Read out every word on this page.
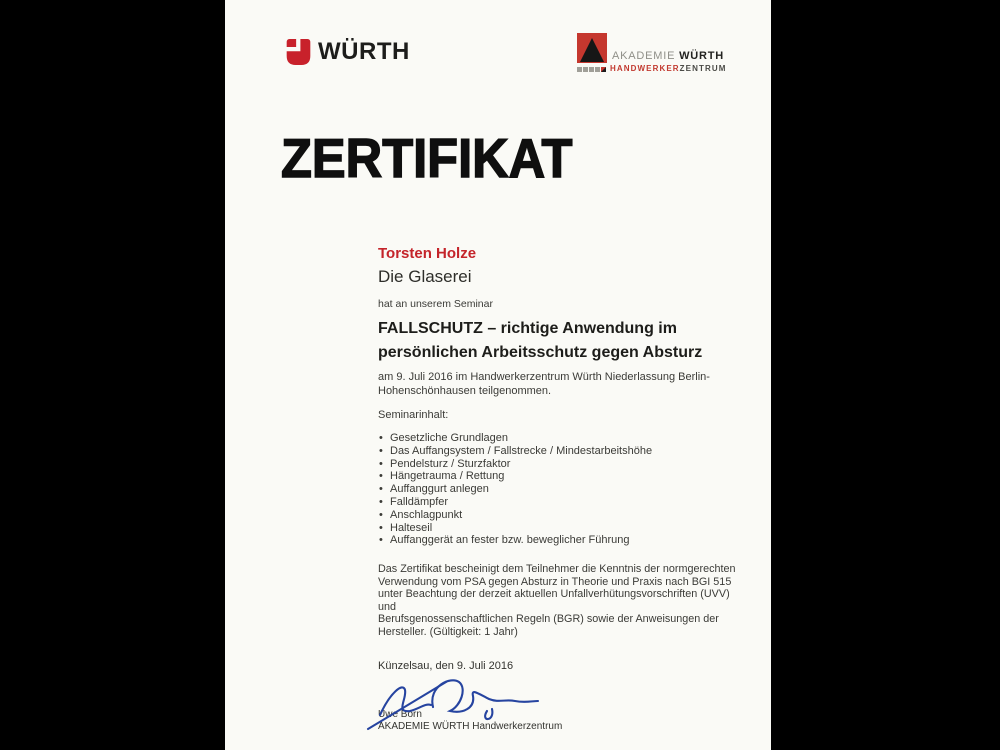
WÜRTH	AKADEMIE WÜRTH
HANDWERKERZENTRUM
ZERTIFIKAT
Torsten Holze
Die Glaserei
hat an unserem Seminar
FALLSCHUTZ – richtige Anwendung im
persönlichen Arbeitsschutz gegen Absturz
am 9. Juli 2016 im Handwerkerzentrum Würth Niederlassung Berlin-
Hohenschönhausen teilgenommen.
Seminarinhalt:
• Gesetzliche Grundlagen
• Das Auffangsystem / Fallstrecke / Mindestarbeitshöhe
• Pendelsturz / Sturzfaktor
• Hängetrauma / Rettung
• Auffanggurt anlegen
• Falldämpfer
• Anschlagpunkt
• Halteseil
• Auffanggerät an fester bzw. beweglicher Führung
Das Zertifikat bescheinigt dem Teilnehmer die Kenntnis der normgerechten
Verwendung vom PSA gegen Absturz in Theorie und Praxis nach BGI 515
unter Beachtung der derzeit aktuellen Unfallverhütungsvorschriften (UVV) und
Berufsgenossenschaftlichen Regeln (BGR) sowie der Anweisungen der
Hersteller. (Gültigkeit: 1 Jahr)
Künzelsau, den 9. Juli 2016
Uwe Born
AKADEMIE WÜRTH Handwerkerzentrum
